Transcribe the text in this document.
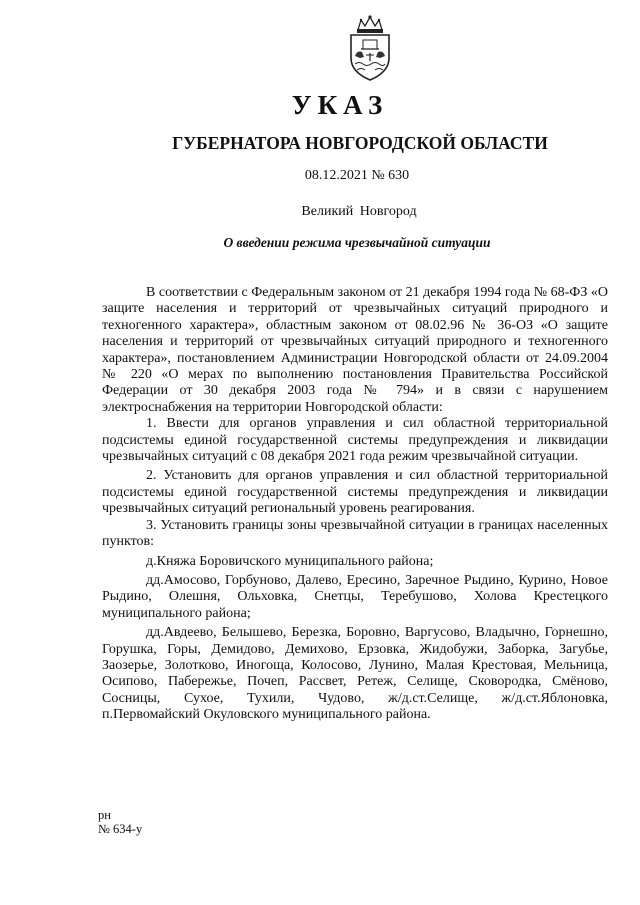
УКАЗ
ГУБЕРНАТОРА НОВГОРОДСКОЙ ОБЛАСТИ
08.12.2021 № 630
Великий Новгород
О введении режима чрезвычайной ситуации

В соответствии с Федеральным законом от 21 декабря 1994 года № 68-ФЗ «О защите населения и территорий от чрезвычайных ситуаций природного и техногенного характера», областным законом от 08.02.96 № 36-ОЗ «О защите населения и территорий от чрезвычайных ситуаций природного и техногенного характера», постановлением Администрации Новгородской области от 24.09.2004 № 220 «О мерах по выполнению постановления Правительства Российской Федерации от 30 декабря 2003 года № 794» и в связи с нарушением электроснабжения на территории Новгородской области:

1. Ввести для органов управления и сил областной территориальной подсистемы единой государственной системы предупреждения и ликвидации чрезвычайных ситуаций с 08 декабря 2021 года режим чрезвычайной ситуации.

2. Установить для органов управления и сил областной территориальной подсистемы единой государственной системы предупреждения и ликвидации чрезвычайных ситуаций региональный уровень реагирования.

3. Установить границы зоны чрезвычайной ситуации в границах населенных пунктов:

д.Княжа Боровичского муниципального района;

дд.Амосово, Горбуново, Далево, Ересино, Заречное Рыдино, Курино, Новое Рыдино, Олешня, Ольховка, Снетцы, Теребушово, Холова Крестецкого муниципального района;

дд.Авдеево, Белышево, Березка, Боровно, Варгусово, Владычно, Горнешно, Горушка, Горы, Демидово, Демихово, Ерзовка, Жидобужи, Заборка, Загубье, Заозерье, Золотково, Иногоща, Колосово, Лунино, Малая Крестовая, Мельница, Осипово, Пабережье, Почеп, Рассвет, Ретеж, Селище, Сковородка, Смёново, Сосницы, Сухое, Тухили, Чудово, ж/д.ст.Селище, ж/д.ст.Яблоновка, п.Первомайский Окуловского муниципального района.

рн
№ 634-у
